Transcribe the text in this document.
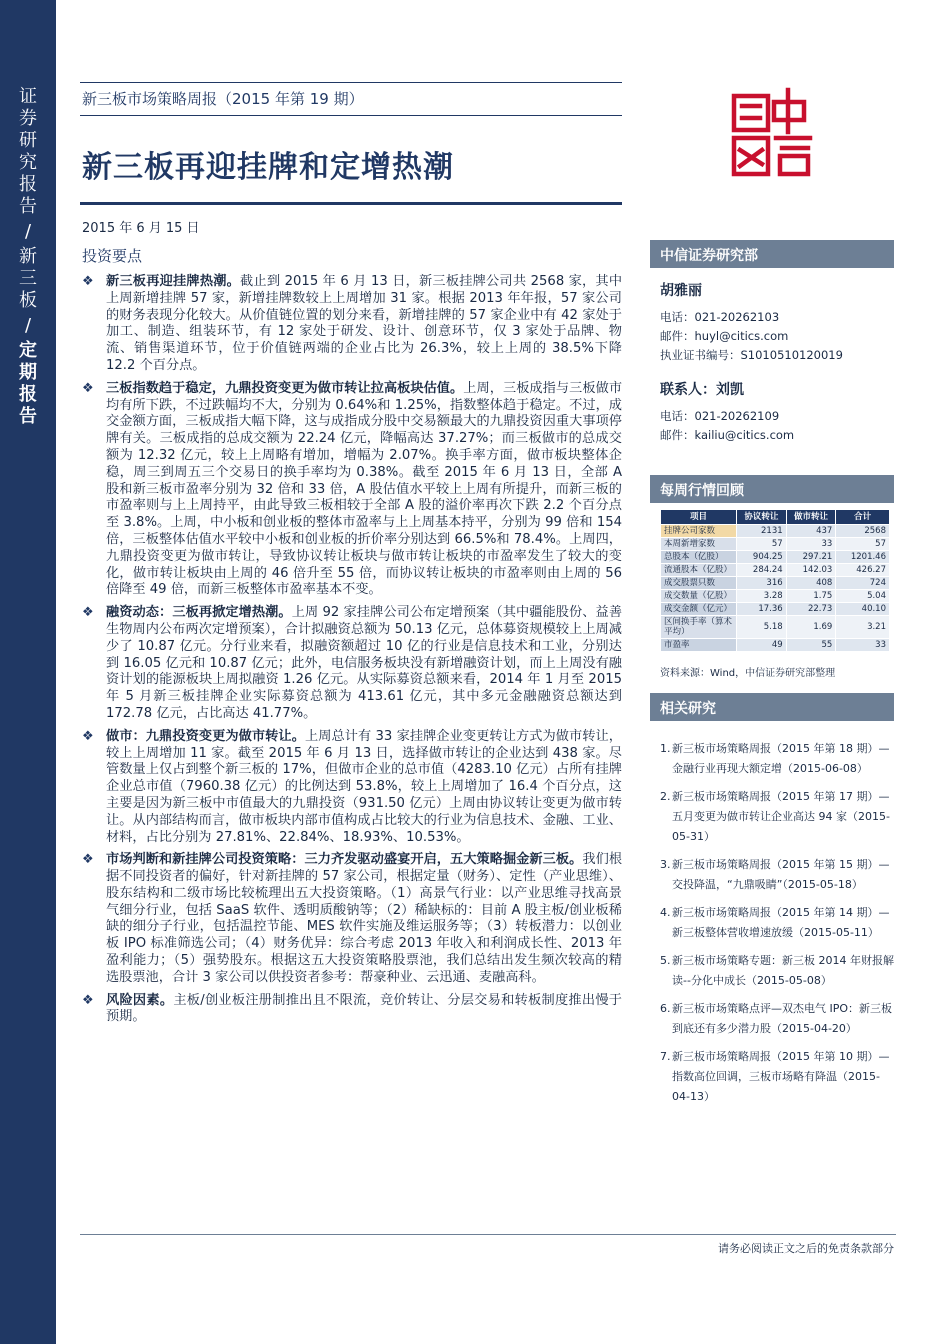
证券研究报告
/
新三板
/
定期报告
新三板市场策略周报（2015 年第 19 期）
新三板再迎挂牌和定增热潮
2015 年 6 月 15 日
投资要点
❖ 新三板再迎挂牌热潮。截止到 2015 年 6 月 13 日，新三板挂牌公司共 2568 家，其中上周新增挂牌 57 家，新增挂牌数较上上周增加 31 家。根据 2013 年年报，57 家公司的财务表现分化较大。从价值链位置的划分来看，新增挂牌的 57 家企业中有 42 家处于加工、制造、组装环节，有 12 家处于研发、设计、创意环节，仅 3 家处于品牌、物流、销售渠道环节，位于价值链两端的企业占比为 26.3%，较上上周的 38.5%下降 12.2 个百分点。
❖ 三板指数趋于稳定，九鼎投资变更为做市转让拉高板块估值。上周，三板成指与三板做市均有所下跌，不过跌幅均不大，分别为 0.64%和 1.25%，指数整体趋于稳定。不过，成交金额方面，三板成指大幅下降，这与成指成分股中交易额最大的九鼎投资因重大事项停牌有关。三板成指的总成交额为 22.24 亿元，降幅高达 37.27%；而三板做市的总成交额为 12.32 亿元，较上上周略有增加，增幅为 2.07%。换手率方面，做市板块整体企稳，周三到周五三个交易日的换手率均为 0.38%。截至 2015 年 6 月 13 日，全部 A 股和新三板市盈率分别为 32 倍和 33 倍，A 股估值水平较上上周有所提升，而新三板的市盈率则与上上周持平，由此导致三板相较于全部 A 股的溢价率再次下跌 2.2 个百分点至 3.8%。上周，中小板和创业板的整体市盈率与上上周基本持平，分别为 99 倍和 154 倍，三板整体估值水平较中小板和创业板的折价率分别达到 66.5%和 78.4%。上周四，九鼎投资变更为做市转让，导致协议转让板块与做市转让板块的市盈率发生了较大的变化，做市转让板块由上周的 46 倍升至 55 倍，而协议转让板块的市盈率则由上周的 56 倍降至 49 倍，而新三板整体市盈率基本不变。
❖ 融资动态：三板再掀定增热潮。上周 92 家挂牌公司公布定增预案（其中疆能股份、益善生物周内公布两次定增预案），合计拟融资总额为 50.13 亿元，总体募资规模较上上周减少了 10.87 亿元。分行业来看，拟融资额超过 10 亿的行业是信息技术和工业，分别达到 16.05 亿元和 10.87 亿元；此外，电信服务板块没有新增融资计划，而上上周没有融资计划的能源板块上周拟融资 1.26 亿元。从实际募资总额来看，2014 年 1 月至 2015 年 5 月新三板挂牌企业实际募资总额为 413.61 亿元，其中多元金融融资总额达到 172.78 亿元，占比高达 41.77%。
❖ 做市：九鼎投资变更为做市转让。上周总计有 33 家挂牌企业变更转让方式为做市转让，较上上周增加 11 家。截至 2015 年 6 月 13 日，选择做市转让的企业达到 438 家。尽管数量上仅占到整个新三板的 17%，但做市企业的总市值（4283.10 亿元）占所有挂牌企业总市值（7960.38 亿元）的比例达到 53.8%，较上上周增加了 16.4 个百分点，这主要是因为新三板中市值最大的九鼎投资（931.50 亿元）上周由协议转让变更为做市转让。从内部结构而言，做市板块内部市值构成占比较大的行业为信息技术、金融、工业、材料，占比分别为 27.81%、22.84%、18.93%、10.53%。
❖ 市场判断和新挂牌公司投资策略：三力齐发驱动盛宴开启，五大策略掘金新三板。我们根据不同投资者的偏好，针对新挂牌的 57 家公司，根据定量（财务）、定性（产业思维）、股东结构和二级市场比较梳理出五大投资策略。（1）高景气行业：以产业思维寻找高景气细分行业，包括 SaaS 软件、透明质酸钠等；（2）稀缺标的：目前 A 股主板/创业板稀缺的细分子行业，包括温控节能、MES 软件实施及维运服务等；（3）转板潜力：以创业板 IPO 标准筛选公司；（4）财务优异：综合考虑 2013 年收入和利润成长性、2013 年盈利能力；（5）强势股东。根据这五大投资策略股票池，我们总结出发生频次较高的精选股票池，合计 3 家公司以供投资者参考：帮豪种业、云迅通、麦融高科。
❖ 风险因素。主板/创业板注册制推出且不限流，竞价转让、分层交易和转板制度推出慢于预期。
中信证券研究部
胡雅丽
电话：021-20262103
邮件：huyl@citics.com
执业证书编号：S1010510120019
联系人：刘凯
电话：021-20262109
邮件：kailiu@citics.com
每周行情回顾
项目	协议转让	做市转让	合计
挂牌公司家数	2131	437	2568
本周新增家数	57	33	57
总股本（亿股）	904.25	297.21	1201.46
流通股本（亿股）	284.24	142.03	426.27
成交股票只数	316	408	724
成交数量（亿股）	3.28	1.75	5.04
成交金额（亿元）	17.36	22.73	40.10
区间换手率（算术平均）	5.18	1.69	3.21
市盈率	49	55	33
资料来源：Wind，中信证券研究部整理
相关研究
1. 新三板市场策略周报（2015 年第 18 期）—金融行业再现大额定增（2015-06-08）
2. 新三板市场策略周报（2015 年第 17 期）—五月变更为做市转让企业高达 94 家（2015-05-31）
3. 新三板市场策略周报（2015 年第 15 期）—交投降温，“九鼎吸睛”（2015-05-18）
4. 新三板市场策略周报（2015 年第 14 期）—新三板整体营收增速放缓（2015-05-11）
5. 新三板市场策略专题：新三板 2014 年财报解读--分化中成长（2015-05-08）
6. 新三板市场策略点评—双杰电气 IPO：新三板到底还有多少潜力股（2015-04-20）
7. 新三板市场策略周报（2015 年第 10 期）—指数高位回调，三板市场略有降温（2015-04-13）
请务必阅读正文之后的免责条款部分
